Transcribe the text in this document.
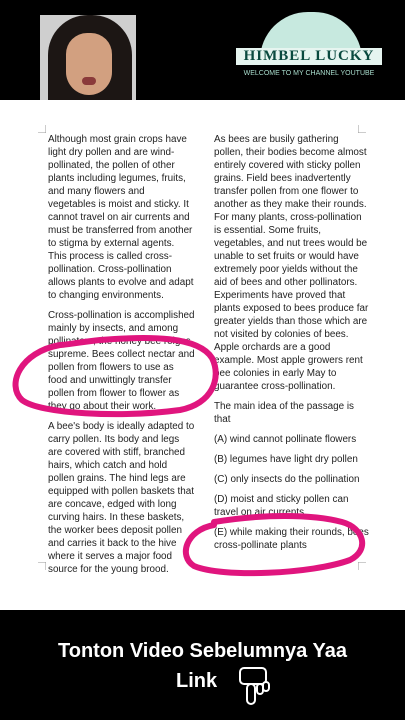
HIMBEL LUCKY
WELCOME TO MY CHANNEL YOUTUBE

Although most grain crops have light dry pollen and are wind-pollinated, the pollen of other plants including legumes, fruits, and many flowers and vegetables is moist and sticky. It cannot travel on air currents and must be transferred from another to stigma by external agents. This process is called cross-pollination. Cross-pollination allows plants to evolve and adapt to changing environments.

Cross-pollination is accomplished mainly by insects, and among pollinators, the honey bee reigns supreme. Bees collect nectar and pollen from flowers to use as food and unwittingly transfer pollen from flower to flower as they go about their work.

A bee's body is ideally adapted to carry pollen. Its body and legs are covered with stiff, branched hairs, which catch and hold pollen grains. The hind legs are equipped with pollen baskets that are concave, edged with long curving hairs. In these baskets, the worker bees deposit pollen and carries it back to the hive where it serves a major food source for the young brood.

As bees are busily gathering pollen, their bodies become almost entirely covered with sticky pollen grains. Field bees inadvertently transfer pollen from one flower to another as they make their rounds. For many plants, cross-pollination is essential. Some fruits, vegetables, and nut trees would be unable to set fruits or would have extremely poor yields without the aid of bees and other pollinators. Experiments have proved that plants exposed to bees produce far greater yields than those which are not visited by colonies of bees. Apple orchards are a good example. Most apple growers rent bee colonies in early May to guarantee cross-pollination.

The main idea of the passage is that

(A) wind cannot pollinate flowers

(B) legumes have light dry pollen

(C) only insects do the pollination

(D) moist and sticky pollen can travel on air currents

(E) while making their rounds, bees cross-pollinate plants

Tonton Video Sebelumnya Yaa
Link
